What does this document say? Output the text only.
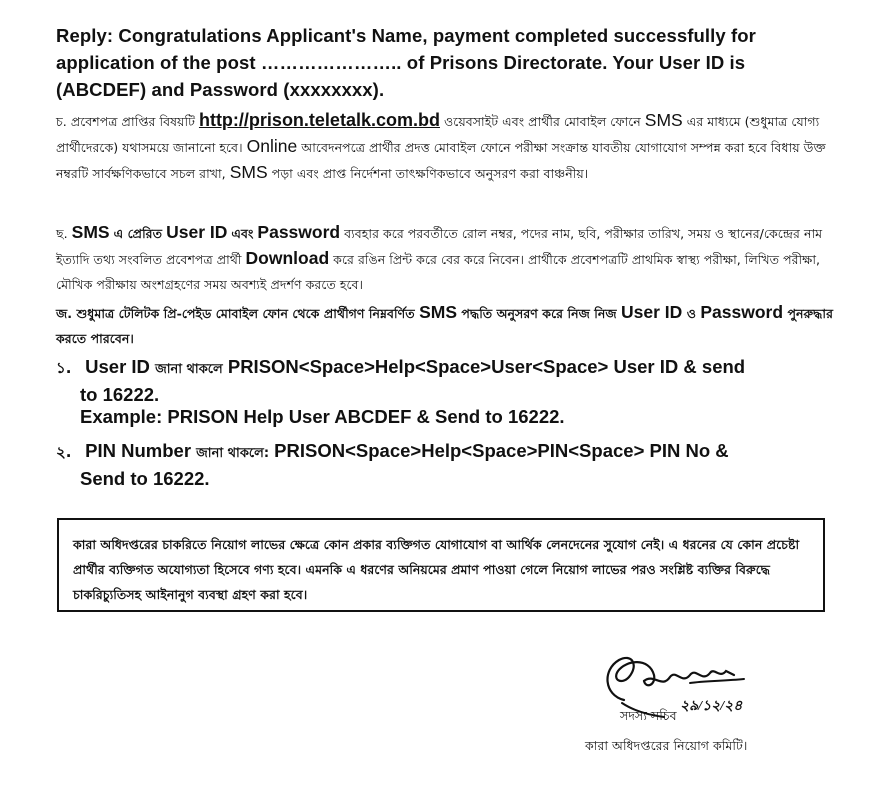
Reply: Congratulations Applicant's Name, payment completed successfully for
application of the post ………………….. of Prisons Directorate. Your User ID is
(ABCDEF) and Password (xxxxxxxx).
চ. প্রবেশপত্র প্রাপ্তির বিষয়টি http://prison.teletalk.com.bd ওয়েবসাইট এবং প্রার্থীর মোবাইল ফোনে SMS এর মাধ্যমে (শুধুমাত্র যোগ্য প্রার্থীদেরকে) যথাসময়ে জানানো হবে। Online আবেদনপত্রে প্রার্থীর প্রদত্ত মোবাইল ফোনে পরীক্ষা সংক্রান্ত যাবতীয় যোগাযোগ সম্পন্ন করা হবে বিধায় উক্ত নম্বরটি সার্বক্ষণিকভাবে সচল রাখা, SMS পড়া এবং প্রাপ্ত নির্দেশনা তাৎক্ষণিকভাবে অনুসরণ করা বাঞ্চনীয়।
ছ. SMS এ প্রেরিত User ID এবং Password ব্যবহার করে পরবর্তীতে রোল নম্বর, পদের নাম, ছবি, পরীক্ষার তারিখ, সময় ও স্থানের/কেন্দ্রের নাম ইত্যাদি তথ্য সংবলিত প্রবেশপত্র প্রার্থী Download করে রঙিন প্রিন্ট করে বের করে নিবেন। প্রার্থীকে প্রবেশপত্রটি প্রাথমিক স্বাস্থ্য পরীক্ষা, লিখিত পরীক্ষা, মৌখিক পরীক্ষায় অংশগ্রহণের সময় অবশ্যই প্রদর্শণ করতে হবে।
জ. শুধুমাত্র টেলিটক প্রি-পেইড মোবাইল ফোন থেকে প্রার্থীগণ নিম্নবর্ণিত SMS পদ্ধতি অনুসরণ করে নিজ নিজ User ID ও Password পুনরুদ্ধার করতে পারবেন।
১. User ID জানা থাকলে PRISON<Space>Help<Space>User<Space> User ID & send
to 16222.
Example: PRISON Help User ABCDEF & Send to 16222.
২. PIN Number জানা থাকলে: PRISON<Space>Help<Space>PIN<Space> PIN No &
Send to 16222.
কারা অধিদপ্তরের চাকরিতে নিয়োগ লাভের ক্ষেত্রে কোন প্রকার ব্যক্তিগত যোগাযোগ বা আর্থিক লেনদেনের সুযোগ নেই। এ ধরনের যে কোন প্রচেষ্টা প্রার্থীর ব্যক্তিগত অযোগ্যতা হিসেবে গণ্য হবে। এমনকি এ ধরণের অনিয়মের প্রমাণ পাওয়া গেলে নিয়োগ লাভের পরও সংশ্লিষ্ট ব্যক্তির বিরুদ্ধে চাকরিচ্যুতিসহ আইনানুগ ব্যবস্থা গ্রহণ করা হবে।
২৯/১২/২৪
সদস্য সচিব
কারা অধিদপ্তরের নিয়োগ কমিটি।
